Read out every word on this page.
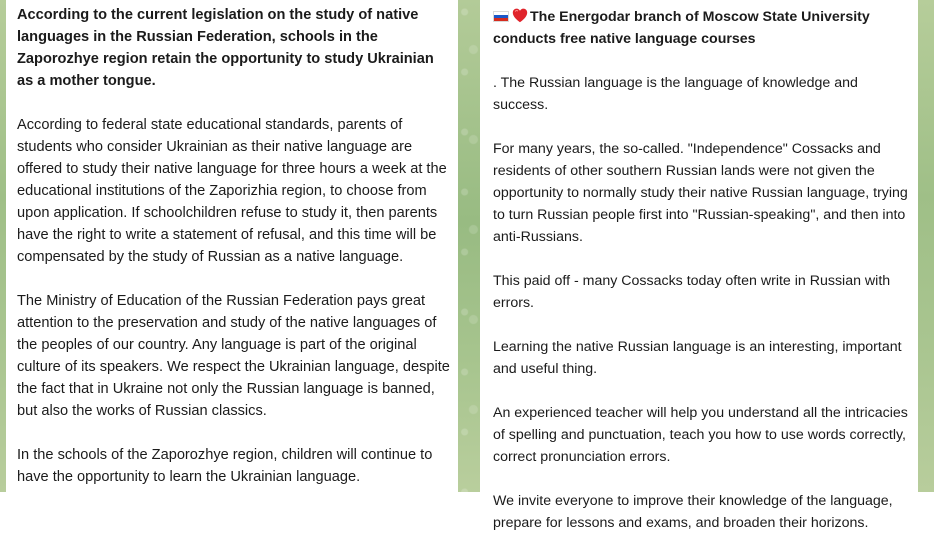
According to the current legislation on the study of native languages in the Russian Federation, schools in the Zaporozhye region retain the opportunity to study Ukrainian as a mother tongue.

According to federal state educational standards, parents of students who consider Ukrainian as their native language are offered to study their native language for three hours a week at the educational institutions of the Zaporizhia region, to choose from upon application. If schoolchildren refuse to study it, then parents have the right to write a statement of refusal, and this time will be compensated by the study of Russian as a native language.

The Ministry of Education of the Russian Federation pays great attention to the preservation and study of the native languages of the peoples of our country. Any language is part of the original culture of its speakers. We respect the Ukrainian language, despite the fact that in Ukraine not only the Russian language is banned, but also the works of Russian classics.

In the schools of the Zaporozhye region, children will continue to have the opportunity to learn the Ukrainian language.

The Energodar branch of Moscow State University conducts free native language courses

. The Russian language is the language of knowledge and success.

For many years, the so-called. "Independence" Cossacks and residents of other southern Russian lands were not given the opportunity to normally study their native Russian language, trying to turn Russian people first into "Russian-speaking", and then into anti-Russians.

This paid off - many Cossacks today often write in Russian with errors.

Learning the native Russian language is an interesting, important and useful thing.

An experienced teacher will help you understand all the intricacies of spelling and punctuation, teach you how to use words correctly, correct pronunciation errors.

We invite everyone to improve their knowledge of the language, prepare for lessons and exams, and broaden their horizons.
